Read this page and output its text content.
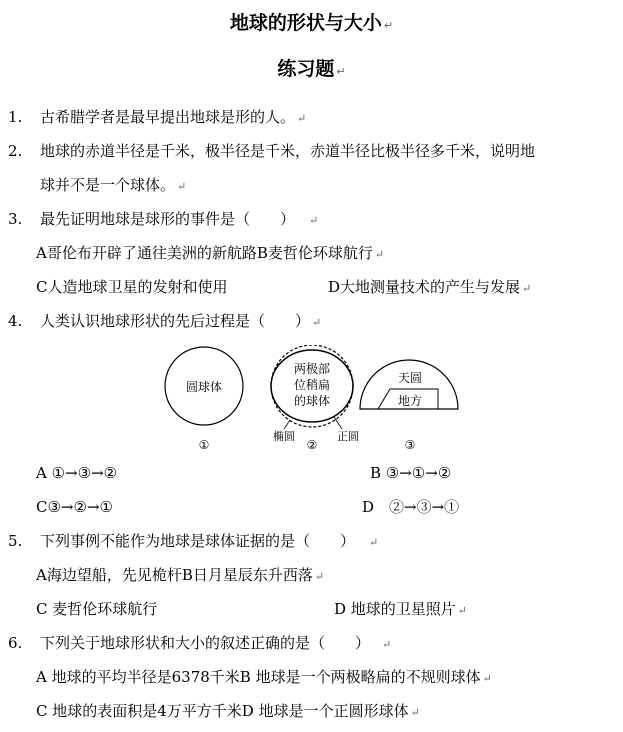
地球的形状与大小 ↵
练习题 ↵
1. 古希腊学者是最早提出地球是形的人。 ↵
2. 地球的赤道半径是千米，极半径是千米，赤道半径比极半径多千米，说明地
球并不是一个球体。 ↵
3. 最先证明地球是球形的事件是（　　） ↵
A哥伦布开辟了通往美洲的新航路B麦哲伦环球航行 ↵
C人造地球卫星的发射和使用	D大地测量技术的产生与发展 ↵
4. 人类认识地球形状的先后过程是（　　） ↵
圆球体
①
两极部
位稍扁
的球体
椭圆	正圆
②
天圆
地方
③
A ①→③→②	B ③→①→②
C③→②→①	D　②→③→①
5. 下列事例不能作为地球是球体证据的是（　　） ↵
A海边望船，先见桅杆B日月星辰东升西落 ↵
C 麦哲伦环球航行	D 地球的卫星照片 ↵
6. 下列关于地球形状和大小的叙述正确的是（　　） ↵
A 地球的平均半径是6378千米B 地球是一个两极略扁的不规则球体 ↵
C 地球的表面积是4万平方千米D 地球是一个正圆形球体 ↵
